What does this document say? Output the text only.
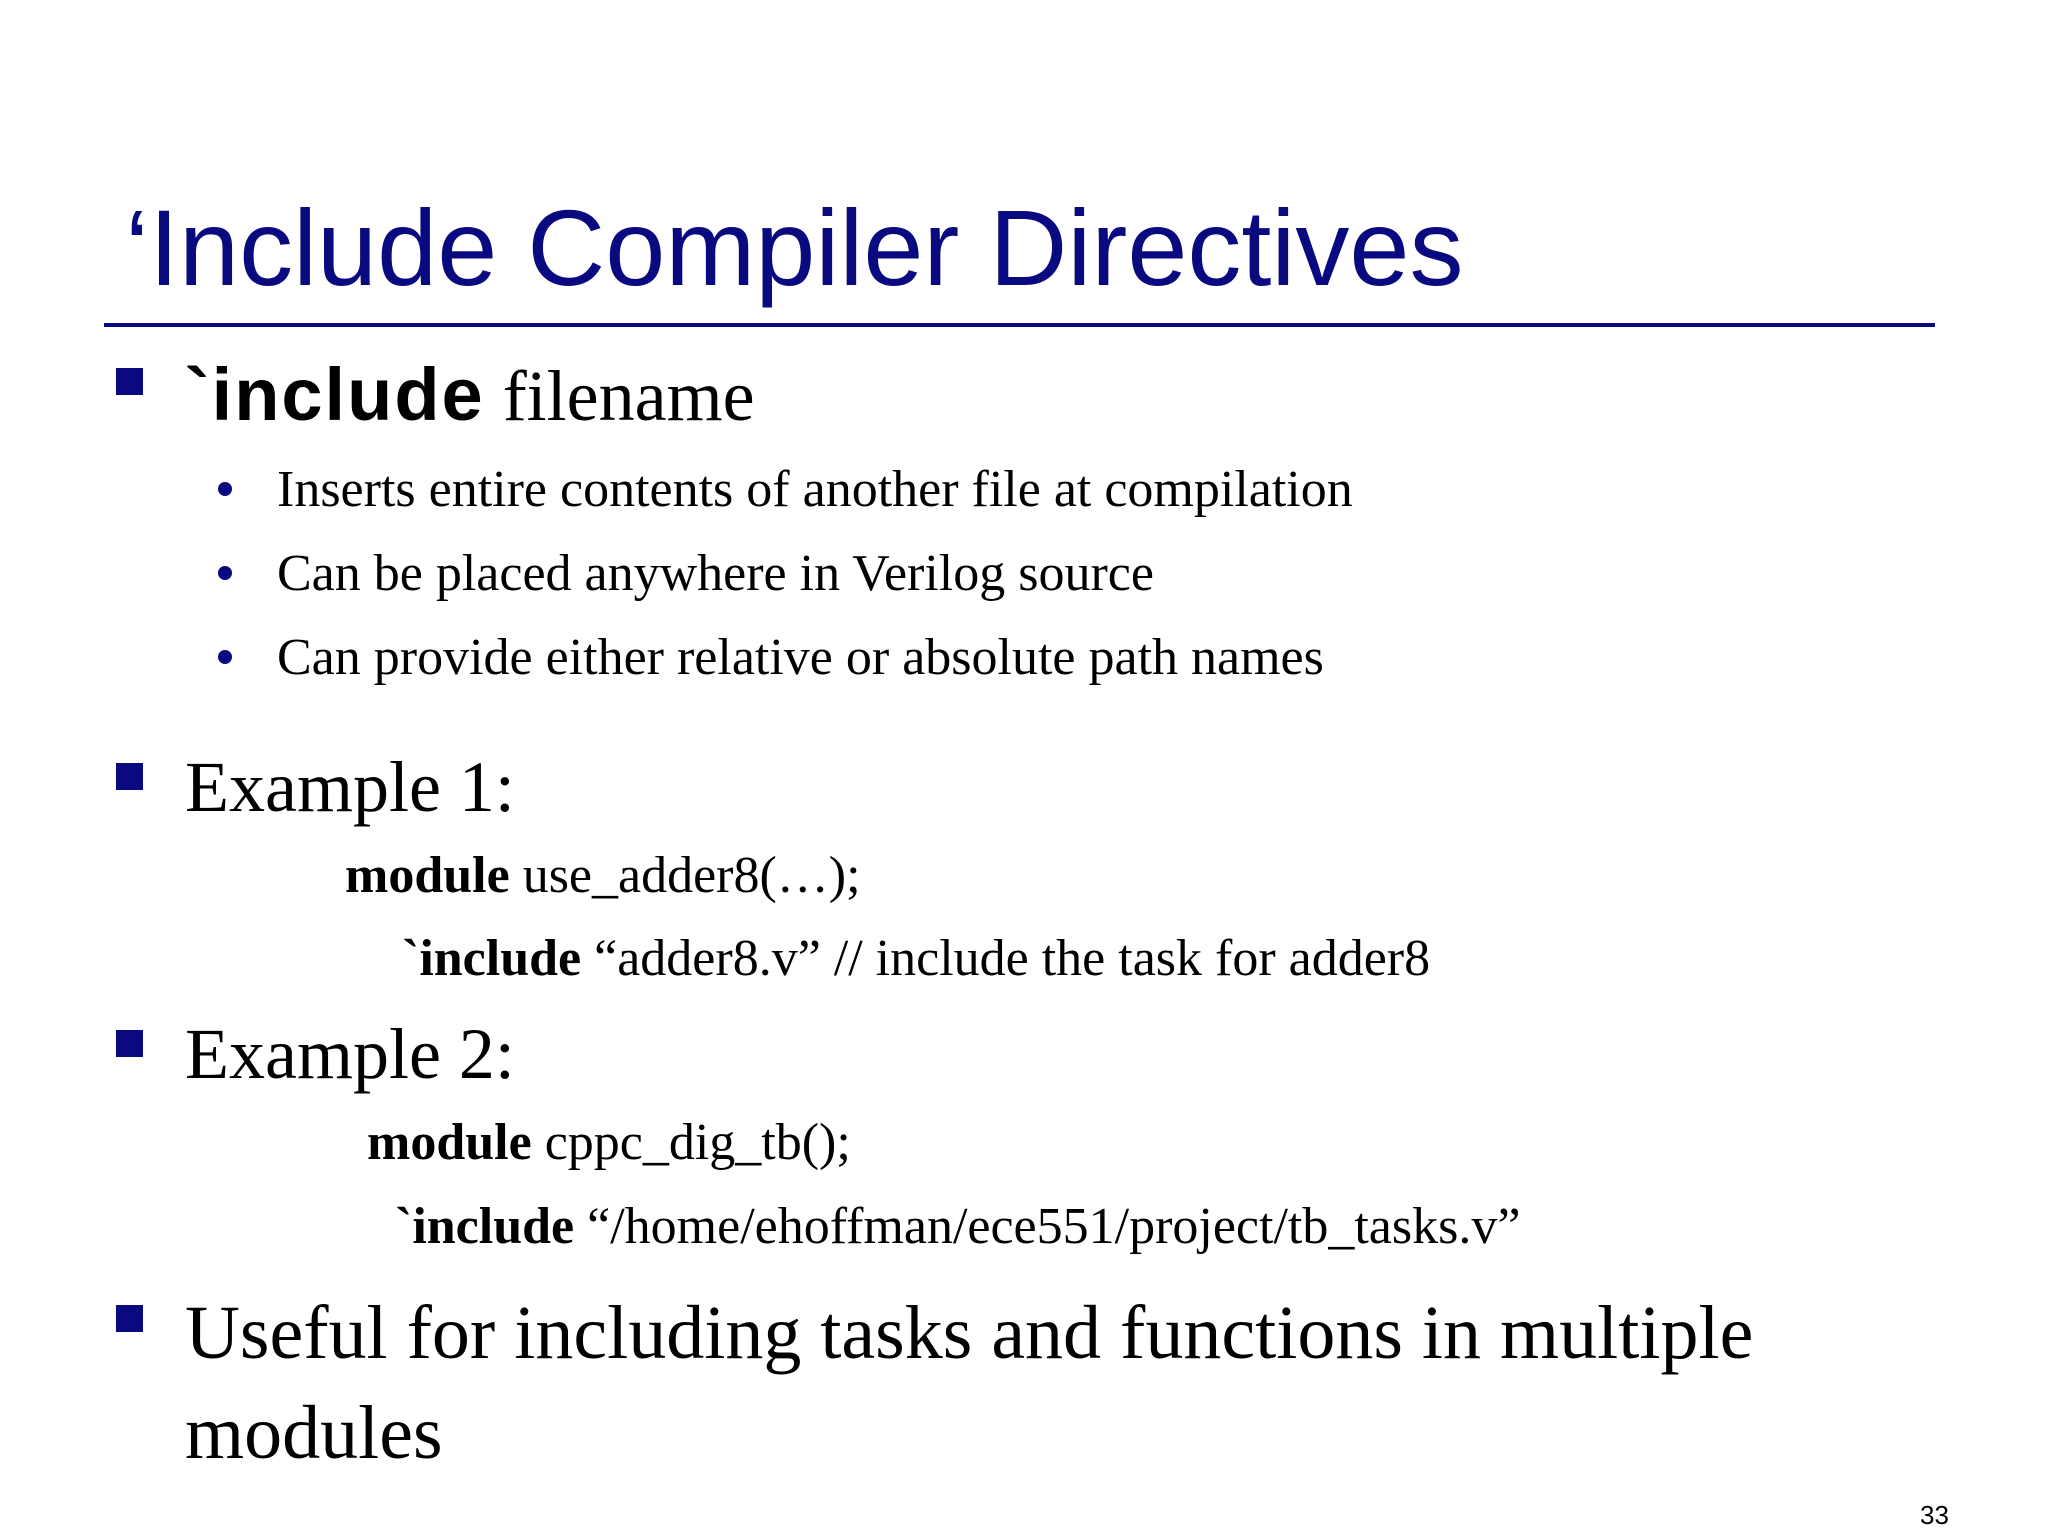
‘Include Compiler Directives
`include filename
Inserts entire contents of another file at compilation
Can be placed anywhere in Verilog source
Can provide either relative or absolute path names
Example 1:
module use_adder8(…);
`include “adder8.v” // include the task for adder8
Example 2:
module cppc_dig_tb();
`include “/home/ehoffman/ece551/project/tb_tasks.v”
Useful for including tasks and functions in multiple
modules
33
